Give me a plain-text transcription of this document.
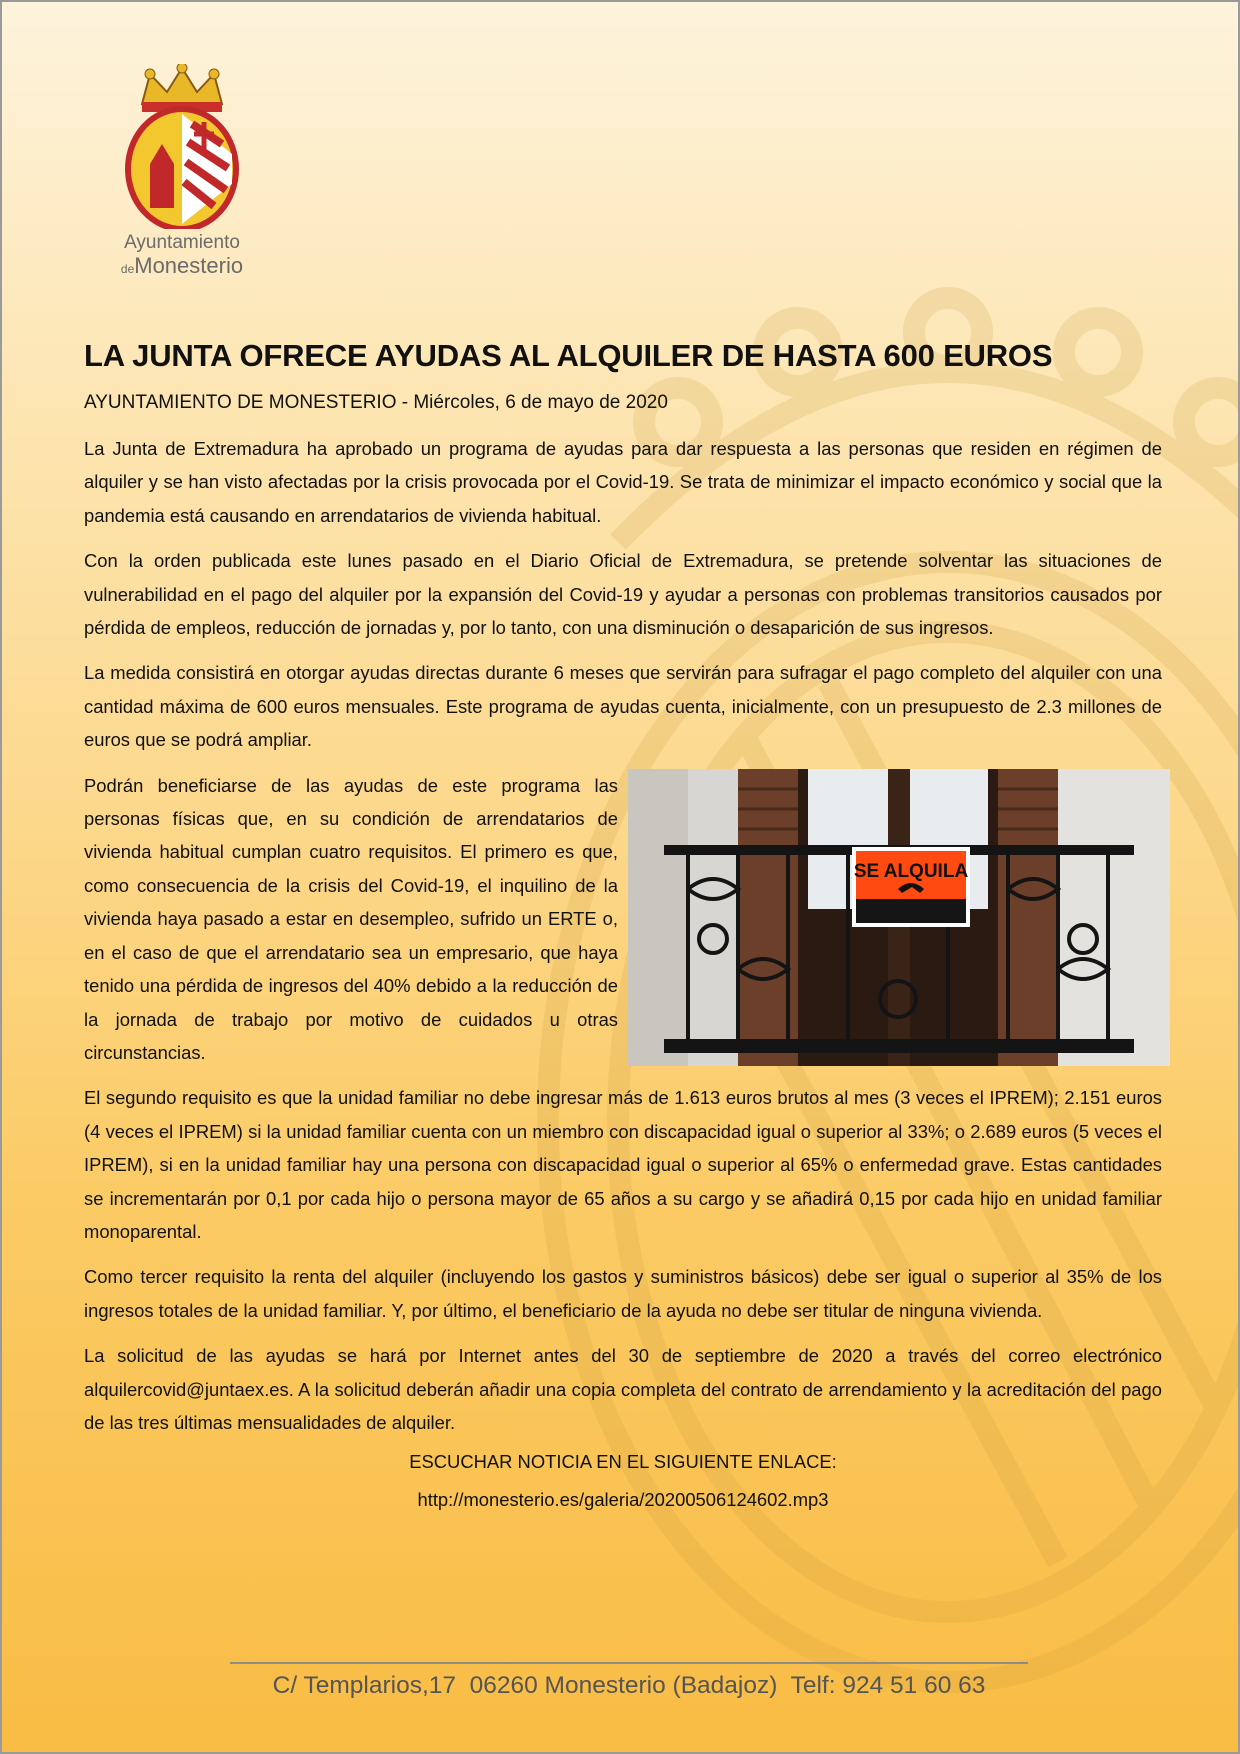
Ayuntamiento
deMonesterio
LA JUNTA OFRECE AYUDAS AL ALQUILER DE HASTA 600 EUROS
AYUNTAMIENTO DE MONESTERIO - Miércoles, 6 de mayo de 2020

La Junta de Extremadura ha aprobado un programa de ayudas para dar respuesta a las personas que residen en régimen de alquiler y se han visto afectadas por la crisis provocada por el Covid-19. Se trata de minimizar el impacto económico y social que la pandemia está causando en arrendatarios de vivienda habitual.

Con la orden publicada este lunes pasado en el Diario Oficial de Extremadura, se pretende solventar las situaciones de vulnerabilidad en el pago del alquiler por la expansión del Covid-19 y ayudar a personas con problemas transitorios causados por pérdida de empleos, reducción de jornadas y, por lo tanto, con una disminución o desaparición de sus ingresos.

La medida consistirá en otorgar ayudas directas durante 6 meses que servirán para sufragar el pago completo del alquiler con una cantidad máxima de 600 euros mensuales. Este programa de ayudas cuenta, inicialmente, con un presupuesto de 2.3 millones de euros que se podrá ampliar.

SE ALQUILA

Podrán beneficiarse de las ayudas de este programa las personas físicas que, en su condición de arrendatarios de vivienda habitual cumplan cuatro requisitos. El primero es que, como consecuencia de la crisis del Covid-19, el inquilino de la vivienda haya pasado a estar en desempleo, sufrido un ERTE o, en el caso de que el arrendatario sea un empresario, que haya tenido una pérdida de ingresos del 40% debido a la reducción de la jornada de trabajo por motivo de cuidados u otras circunstancias.

El segundo requisito es que la unidad familiar no debe ingresar más de 1.613 euros brutos al mes (3 veces el IPREM); 2.151 euros (4 veces el IPREM) si la unidad familiar cuenta con un miembro con discapacidad igual o superior al 33%; o 2.689 euros (5 veces el IPREM), si en la unidad familiar hay una persona con discapacidad igual o superior al 65% o enfermedad grave. Estas cantidades se incrementarán por 0,1 por cada hijo o persona mayor de 65 años a su cargo y se añadirá 0,15 por cada hijo en unidad familiar monoparental.

Como tercer requisito la renta del alquiler (incluyendo los gastos y suministros básicos) debe ser igual o superior al 35% de los ingresos totales de la unidad familiar. Y, por último, el beneficiario de la ayuda no debe ser titular de ninguna vivienda.

La solicitud de las ayudas se hará por Internet antes del 30 de septiembre de 2020 a través del correo electrónico alquilercovid@juntaex.es. A la solicitud deberán añadir una copia completa del contrato de arrendamiento y la acreditación del pago de las tres últimas mensualidades de alquiler.

ESCUCHAR NOTICIA EN EL SIGUIENTE ENLACE:
http://monesterio.es/galeria/20200506124602.mp3
C/ Templarios,17  06260 Monesterio (Badajoz)  Telf: 924 51 60 63
